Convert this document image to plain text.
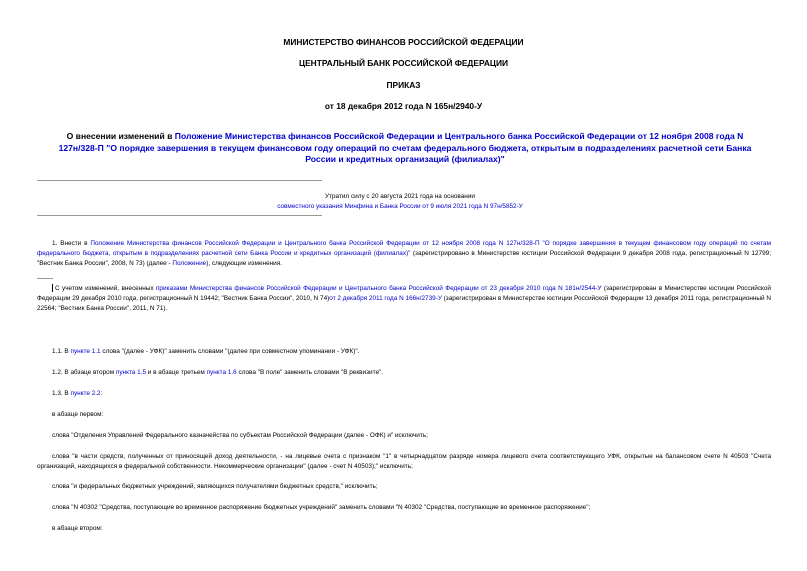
МИНИСТЕРСТВО ФИНАНСОВ РОССИЙСКОЙ ФЕДЕРАЦИИ
ЦЕНТРАЛЬНЫЙ БАНК РОССИЙСКОЙ ФЕДЕРАЦИИ
ПРИКАЗ
от 18 декабря 2012 года N 165н/2940-У
О внесении изменений в Положение Министерства финансов Российской Федерации и Центрального банка Российской Федерации от 12 ноября 2008 года N 127н/328-П "О порядке завершения в текущем финансовом году операций по счетам федерального бюджета, открытым в подразделениях расчетной сети Банка России и кредитных организаций (филиалах)"
Утратил силу с 20 августа 2021 года на основании
совместного указания Минфина и Банка России от 9 июля 2021 года N 97н/5852-У
1. Внести в Положение Министерства финансов Российской Федерации и Центрального банка Российской Федерации от 12 ноября 2008 года N 127н/328-П "О порядке завершения в текущем финансовом году операций по счетам федерального бюджета, открытым в подразделениях расчетной сети Банка России и кредитных организаций (филиалах)" (зарегистрировано в Министерстве юстиции Российской Федерации 9 декабря 2008 года, регистрационный N 12799; "Вестник Банка России", 2008, N 73) (далее - Положение), следующие изменения.
С учетом изменений, внесенных приказами Министерства финансов Российской Федерации и Центрального банка Российской Федерации от 23 декабря 2010 года N 181н/2544-У (зарегистрирован в Министерстве юстиции Российской Федерации 29 декабря 2010 года, регистрационный N 19442; "Вестник Банка России", 2010, N 74)от 2 декабря 2011 года N 166н/2739-У (зарегистрирован в Министерстве юстиции Российской Федерации 13 декабря 2011 года, регистрационный N 22564; "Вестник Банка России", 2011, N 71).
1.1. В пункте 1.1 слова "(далее - УФК)" заменить словами "(далее при совместном упоминании - УФК)".
1.2. В абзаце втором пункта 1.5 и в абзаце третьем пункта 1.6 слова "В поле" заменить словами "В реквизите".
1.3. В пункте 2.2:
в абзаце первом:
слова "Отделения Управлений Федерального казначейства по субъектам Российской Федерации (далее - ОФК) и" исключить;
слова "в части средств, полученных от приносящей доход деятельности, - на лицевые счета с признаком "1" в четырнадцатом разряде номера лицевого счета соответствующего УФК, открытые на балансовом счете N 40503 "Счета организаций, находящихся в федеральной собственности. Некоммерческие организации" (далее - счет N 40503);" исключить;
слова "и федеральных бюджетных учреждений, являющихся получателями бюджетных средств," исключить;
слова "N 40302 "Средства, поступающие во временное распоряжение бюджетных учреждений" заменить словами "N 40302 "Средства, поступающие во временное распоряжение";
в абзаце втором:
